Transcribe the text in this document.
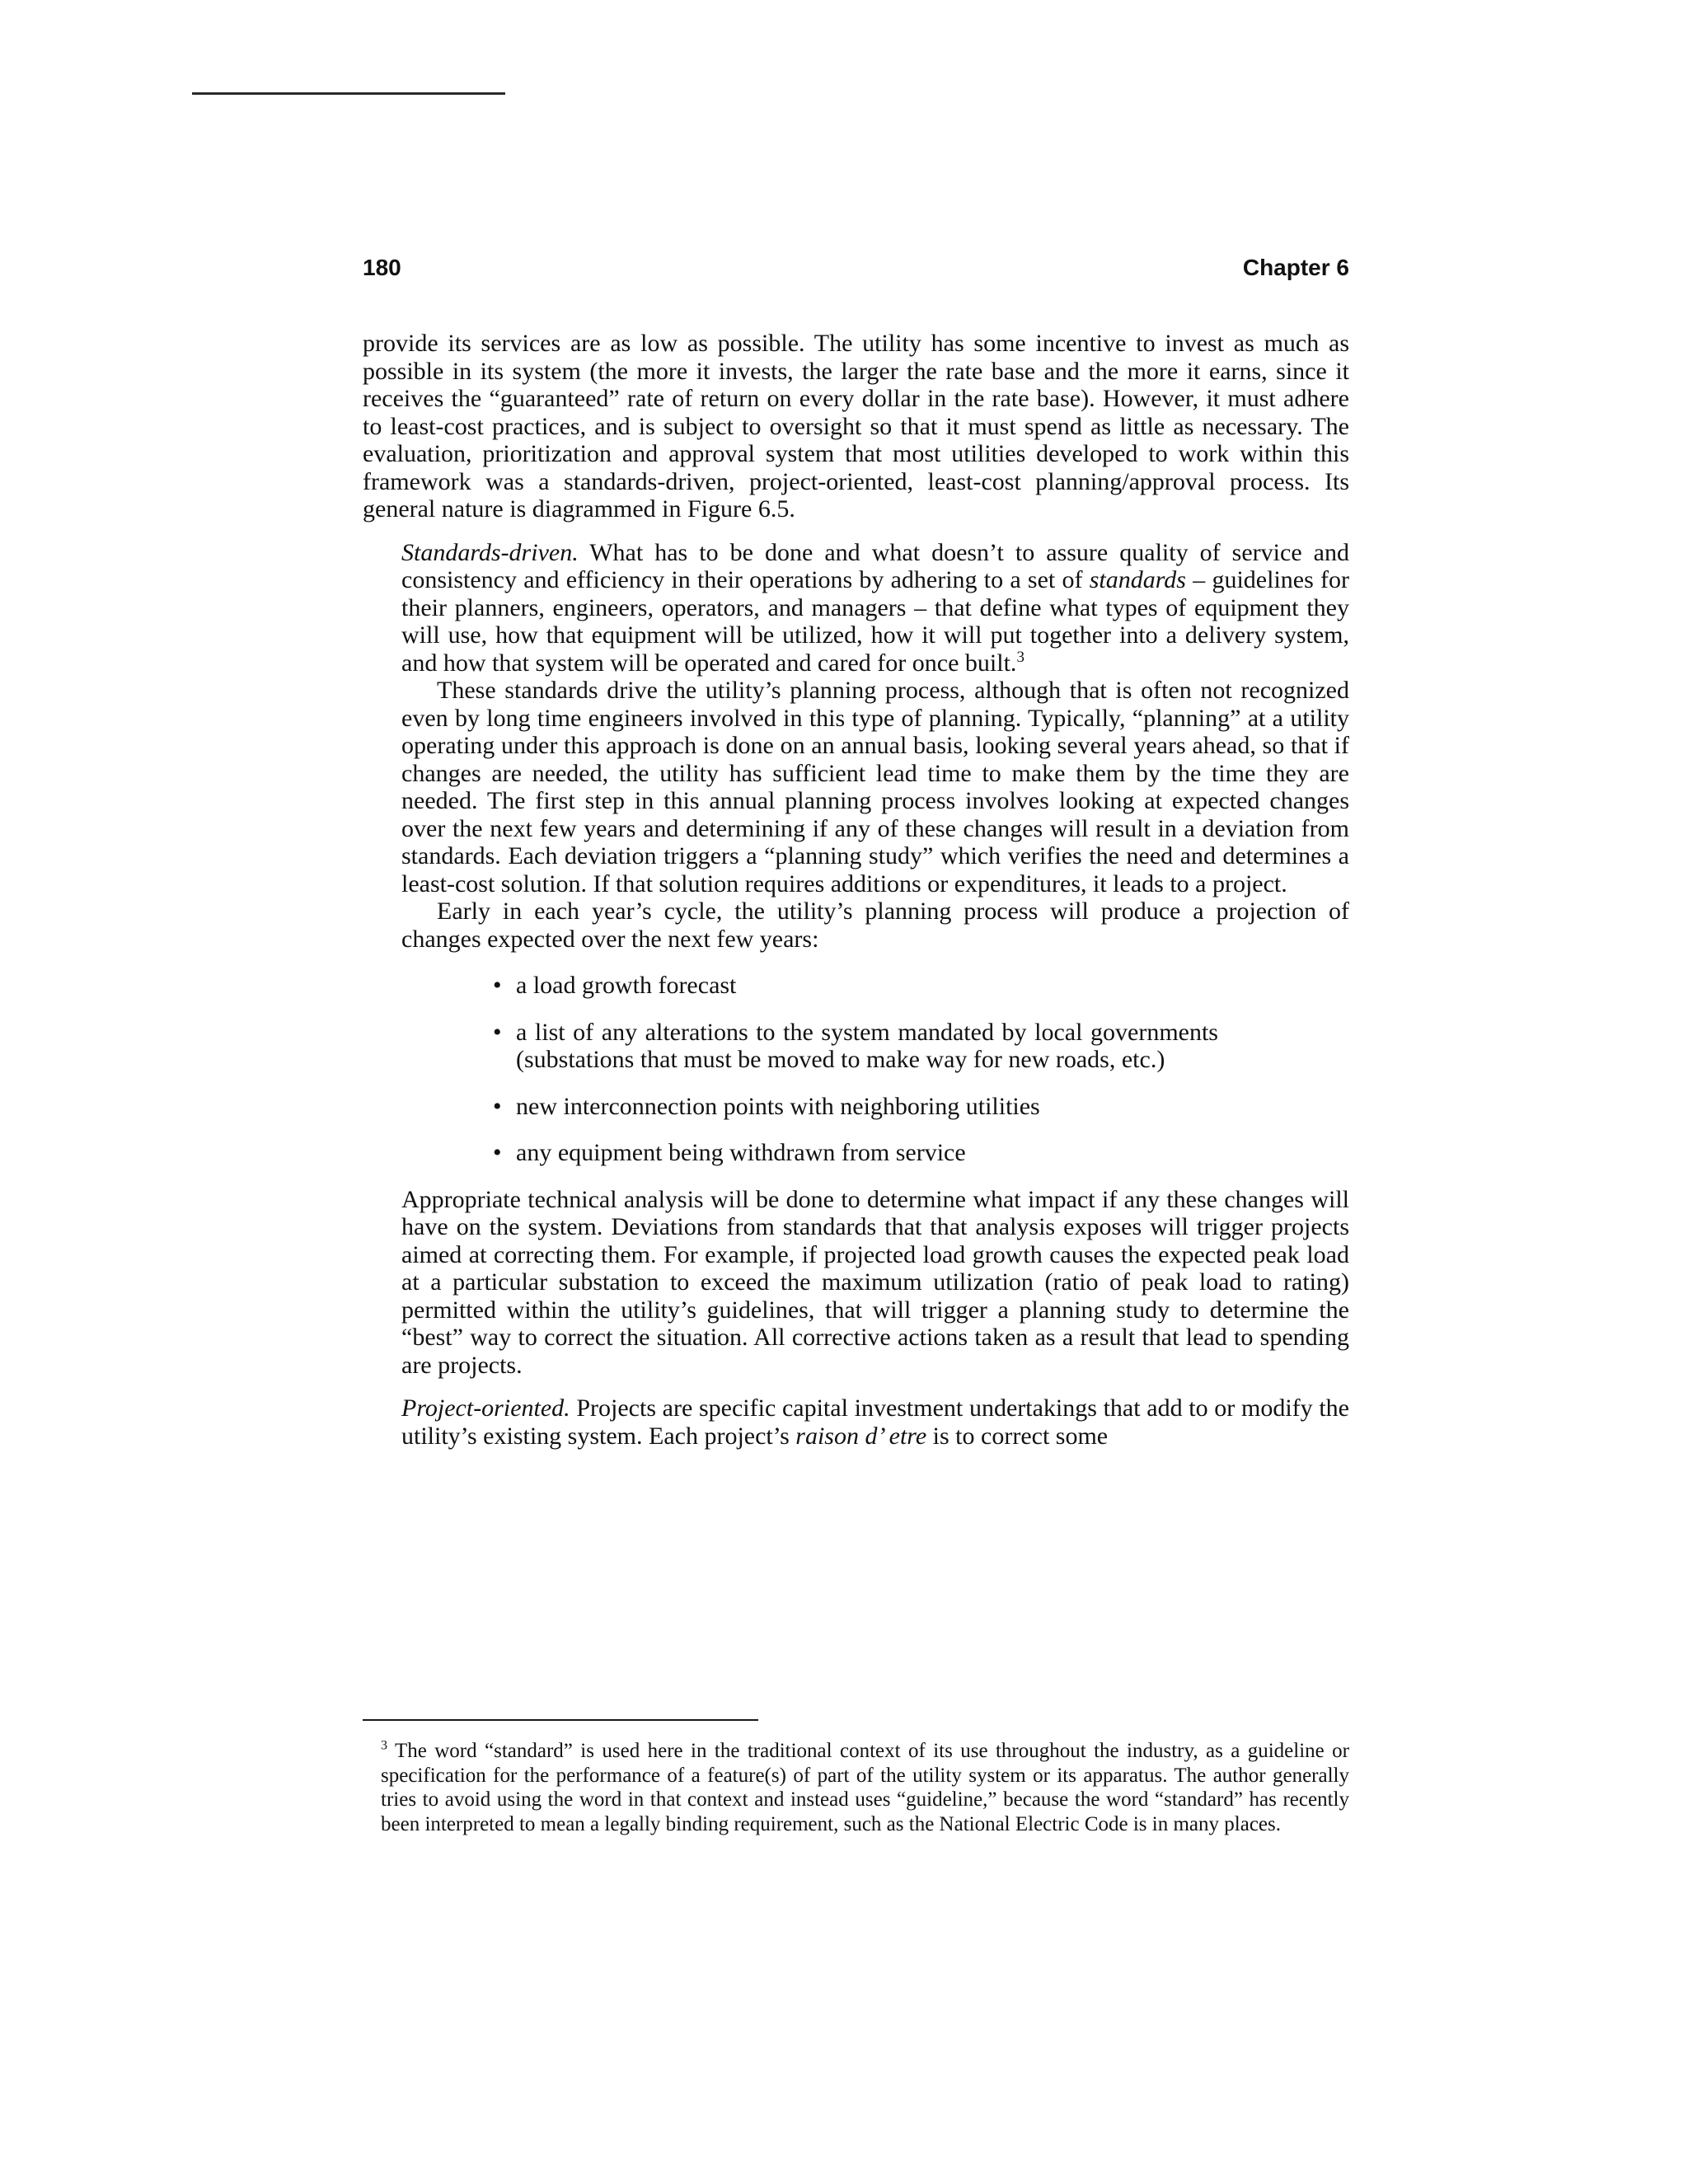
180	Chapter 6

provide its services are as low as possible. The utility has some incentive to invest as much as possible in its system (the more it invests, the larger the rate base and the more it earns, since it receives the “guaranteed” rate of return on every dollar in the rate base). However, it must adhere to least-cost practices, and is subject to oversight so that it must spend as little as necessary. The evaluation, prioritization and approval system that most utilities developed to work within this framework was a standards-driven, project-oriented, least-cost planning/approval process. Its general nature is diagrammed in Figure 6.5.

Standards-driven. What has to be done and what doesn’t to assure quality of service and consistency and efficiency in their operations by adhering to a set of standards – guidelines for their planners, engineers, operators, and managers – that define what types of equipment they will use, how that equipment will be utilized, how it will put together into a delivery system, and how that system will be operated and cared for once built.$^3$

These standards drive the utility’s planning process, although that is often not recognized even by long time engineers involved in this type of planning. Typically, “planning” at a utility operating under this approach is done on an annual basis, looking several years ahead, so that if changes are needed, the utility has sufficient lead time to make them by the time they are needed. The first step in this annual planning process involves looking at expected changes over the next few years and determining if any of these changes will result in a deviation from standards. Each deviation triggers a “planning study” which verifies the need and determines a least-cost solution. If that solution requires additions or expenditures, it leads to a project.

Early in each year’s cycle, the utility’s planning process will produce a projection of changes expected over the next few years:

• a load growth forecast
• a list of any alterations to the system mandated by local governments (substations that must be moved to make way for new roads, etc.)
• new interconnection points with neighboring utilities
• any equipment being withdrawn from service

Appropriate technical analysis will be done to determine what impact if any these changes will have on the system. Deviations from standards that that analysis exposes will trigger projects aimed at correcting them. For example, if projected load growth causes the expected peak load at a particular substation to exceed the maximum utilization (ratio of peak load to rating) permitted within the utility’s guidelines, that will trigger a planning study to determine the “best” way to correct the situation. All corrective actions taken as a result that lead to spending are projects.

Project-oriented. Projects are specific capital investment undertakings that add to or modify the utility’s existing system. Each project’s raison d’ etre is to correct some

$^3$ The word “standard” is used here in the traditional context of its use throughout the industry, as a guideline or specification for the performance of a feature(s) of part of the utility system or its apparatus. The author generally tries to avoid using the word in that context and instead uses “guideline,” because the word “standard” has recently been interpreted to mean a legally binding requirement, such as the National Electric Code is in many places.
